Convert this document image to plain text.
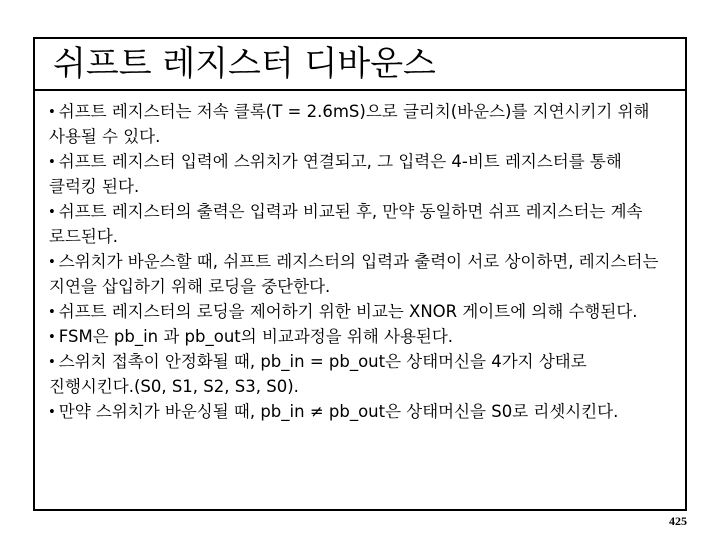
쉬프트 레지스터 디바운스
• 쉬프트 레지스터는 저속 클록(T = 2.6mS)으로 글리치(바운스)를 지연시키기 위해 사용될 수 있다.
• 쉬프트 레지스터 입력에 스위치가 연결되고, 그 입력은 4-비트 레지스터를 통해 클럭킹 된다.
• 쉬프트 레지스터의 출력은 입력과 비교된 후, 만약 동일하면 쉬프 레지스터는 계속 로드된다.
• 스위치가 바운스할 때, 쉬프트 레지스터의 입력과 출력이 서로 상이하면, 레지스터는 지연을 삽입하기 위해 로딩을 중단한다.
• 쉬프트 레지스터의 로딩을 제어하기 위한 비교는 XNOR 게이트에 의해 수행된다.
• FSM은 pb_in 과 pb_out의 비교과정을 위해 사용된다.
• 스위치 접촉이 안정화될 때, pb_in = pb_out은 상태머신을 4가지 상태로 진행시킨다.(S0, S1, S2, S3, S0).
• 만약 스위치가 바운싱될 때, pb_in ≠ pb_out은 상태머신을 S0로 리셋시킨다.
425
